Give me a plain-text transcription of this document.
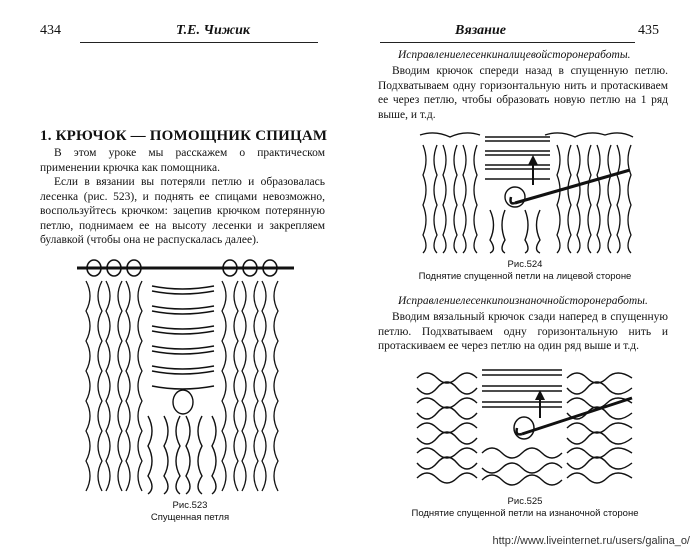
434	Т.Е. Чижик
1. КРЮЧОК — ПОМОЩНИК СПИЦАМ

В этом уроке мы расскажем о практическом применении крючка как помощника.

Если в вязании вы потеряли петлю и образовалась лесенка (рис. 523), и поднять ее спицами невозможно, воспользуйтесь крючком: зацепив крючком потерянную петлю, поднимаем ее на высоту лесенки и закрепляем булавкой (чтобы она не распускалась далее).

Рис.523
Спущенная петля
Вязание	435
Исправлениелесенкиналицевойсторонеработы.

Вводим крючок спереди назад в спущенную петлю. Подхватываем одну горизонтальную нить и протаскиваем ее через петлю, чтобы образовать новую петлю на 1 ряд выше, и т.д.

Рис.524
Поднятие спущенной петли на лицевой стороне
Исправлениелесенкипоизнаночнойсторонеработы.

Вводим вязальный крючок сзади наперед в спущенную петлю. Подхватываем одну горизонтальную нить и протаскиваем ее через петлю на один ряд выше и т.д.

Рис.525
Поднятие спущенной петли на изнаночной стороне
http://www.liveinternet.ru/users/galina_o/
